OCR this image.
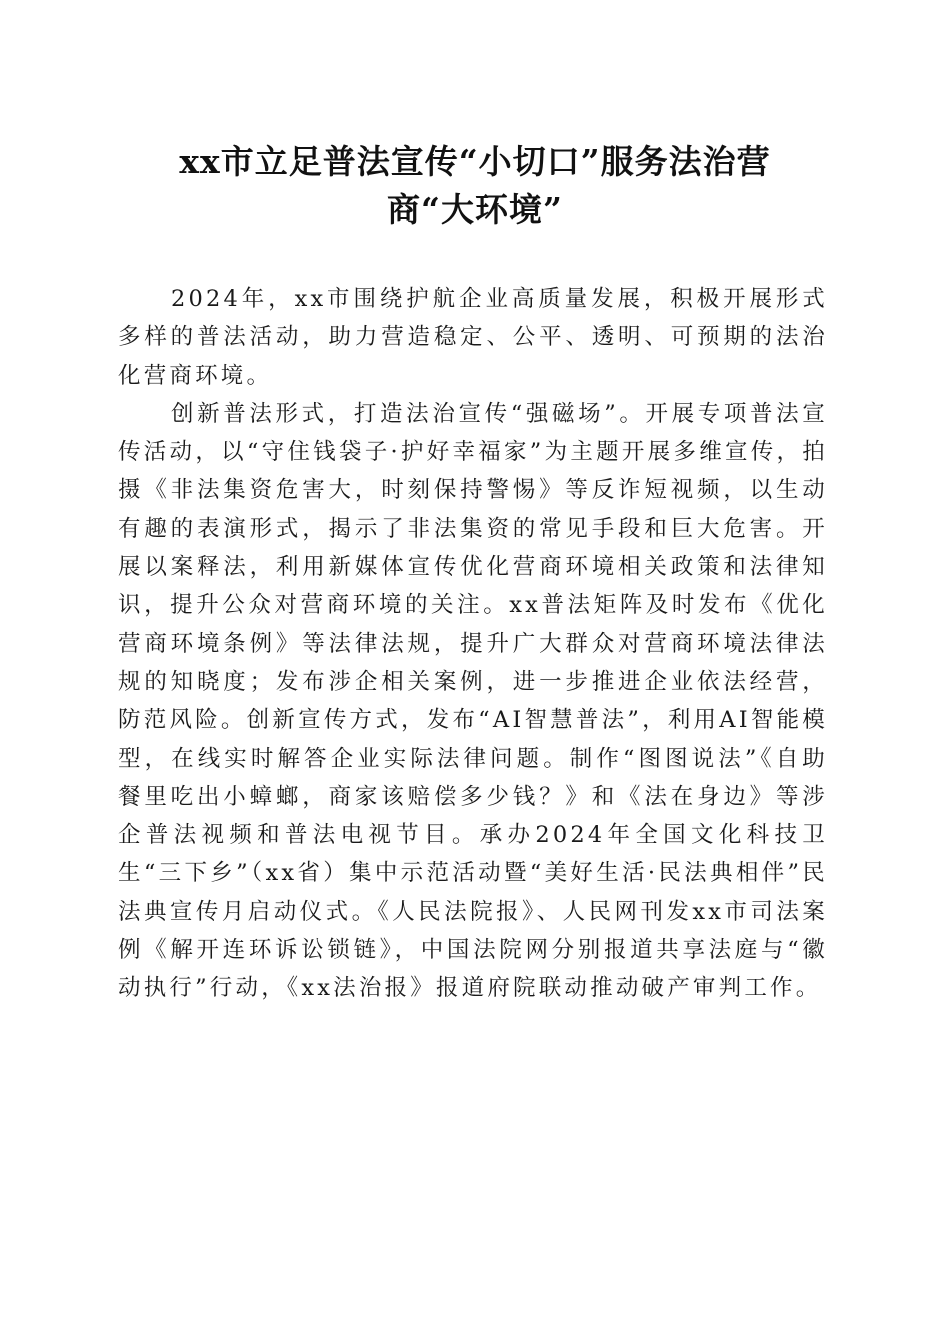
xx市立足普法宣传“小切口”服务法治营
商“大环境”

2024年，xx市围绕护航企业高质量发展，积极开展形式多样的普法活动，助力营造稳定、公平、透明、可预期的法治化营商环境。

创新普法形式，打造法治宣传“强磁场”。开展专项普法宣传活动，以“守住钱袋子·护好幸福家”为主题开展多维宣传，拍摄《非法集资危害大，时刻保持警惕》等反诈短视频，以生动有趣的表演形式，揭示了非法集资的常见手段和巨大危害。开展以案释法，利用新媒体宣传优化营商环境相关政策和法律知识，提升公众对营商环境的关注。xx普法矩阵及时发布《优化营商环境条例》等法律法规，提升广大群众对营商环境法律法规的知晓度；发布涉企相关案例，进一步推进企业依法经营，防范风险。创新宣传方式，发布“AI智慧普法”，利用AI智能模型，在线实时解答企业实际法律问题。制作“图图说法”《自助餐里吃出小蟑螂，商家该赔偿多少钱？》和《法在身边》等涉企普法视频和普法电视节目。承办2024年全国文化科技卫生“三下乡”（xx省）集中示范活动暨“美好生活·民法典相伴”民法典宣传月启动仪式。《人民法院报》、人民网刊发xx市司法案例《解开连环诉讼锁链》，中国法院网分别报道共享法庭与“徽动执行”行动，《xx法治报》报道府院联动推动破产审判工作。
